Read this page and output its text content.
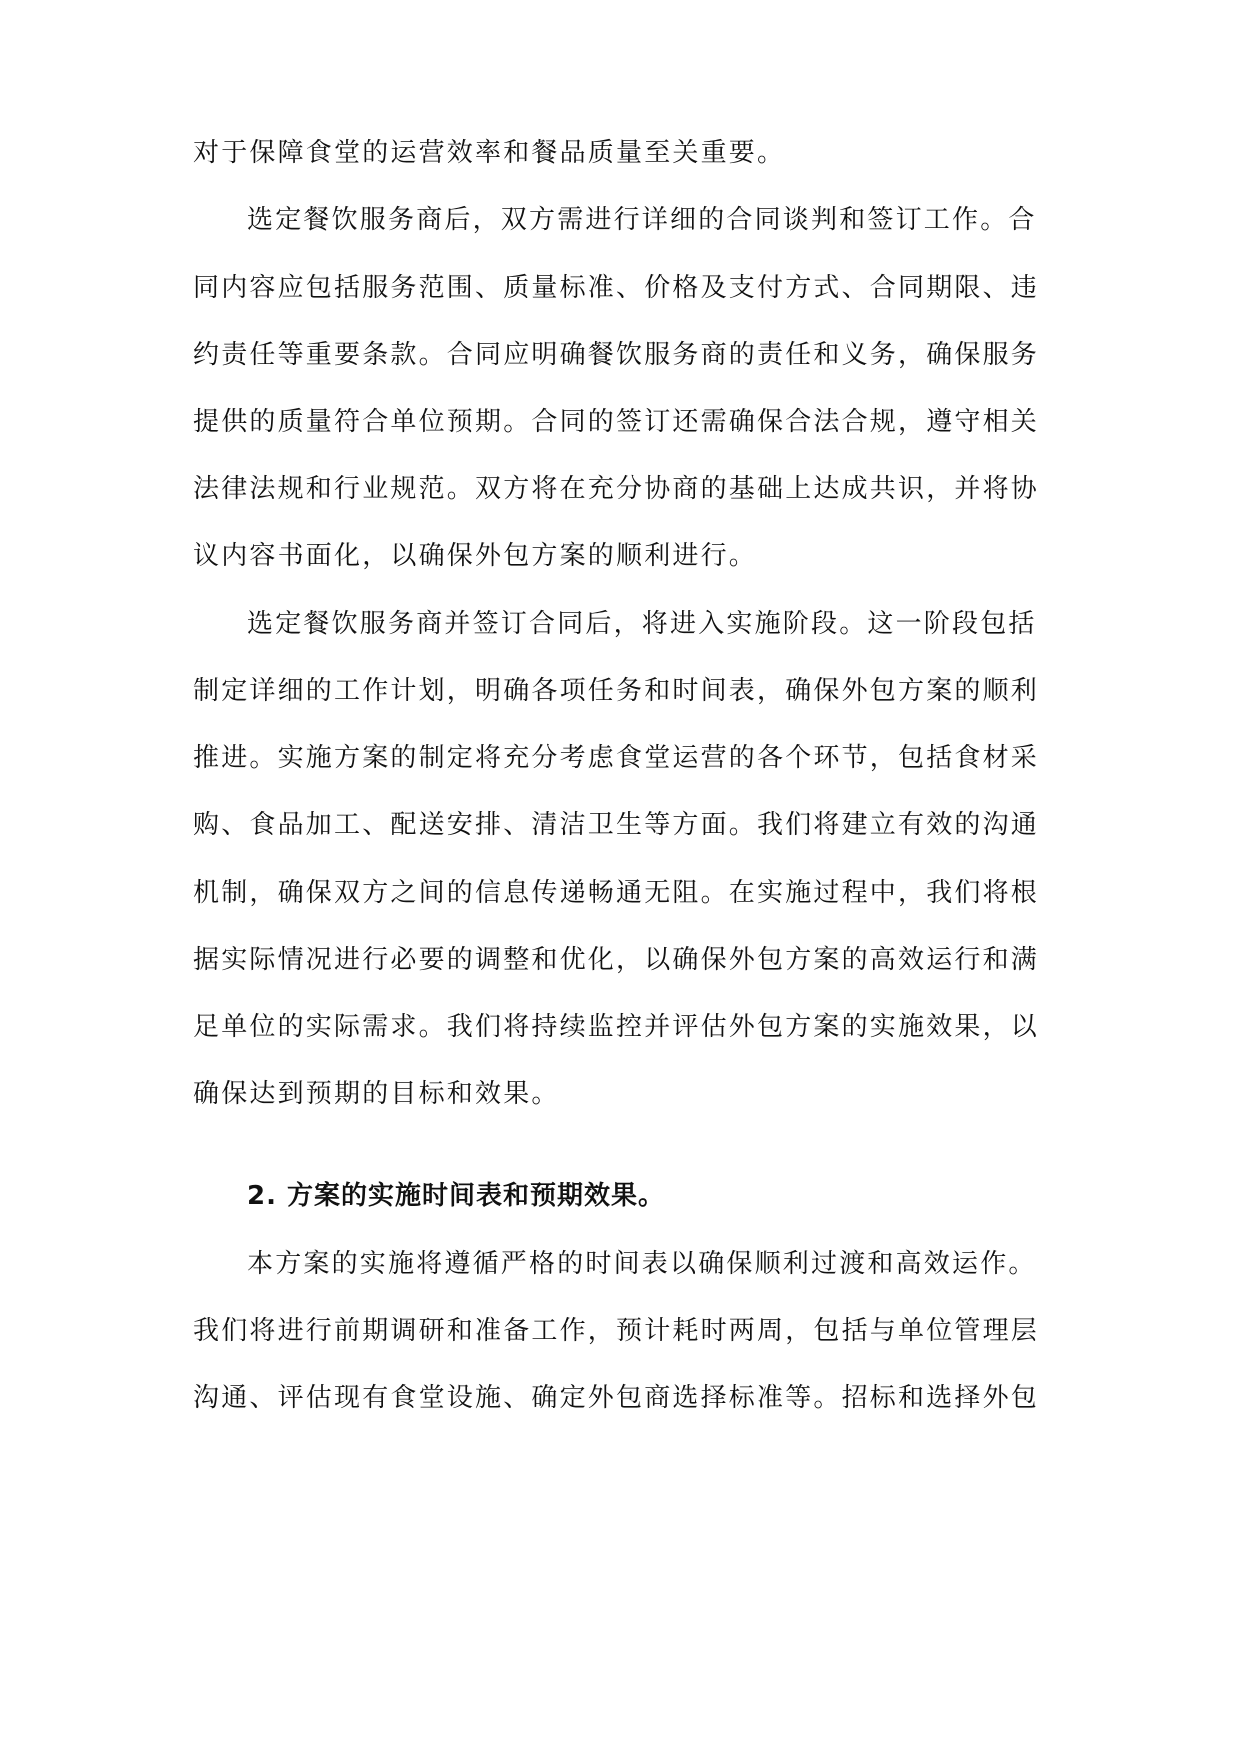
对于保障食堂的运营效率和餐品质量至关重要。
选定餐饮服务商后，双方需进行详细的合同谈判和签订工作。合
同内容应包括服务范围、质量标准、价格及支付方式、合同期限、违
约责任等重要条款。合同应明确餐饮服务商的责任和义务，确保服务
提供的质量符合单位预期。合同的签订还需确保合法合规，遵守相关
法律法规和行业规范。双方将在充分协商的基础上达成共识，并将协
议内容书面化，以确保外包方案的顺利进行。
选定餐饮服务商并签订合同后，将进入实施阶段。这一阶段包括
制定详细的工作计划，明确各项任务和时间表，确保外包方案的顺利
推进。实施方案的制定将充分考虑食堂运营的各个环节，包括食材采
购、食品加工、配送安排、清洁卫生等方面。我们将建立有效的沟通
机制，确保双方之间的信息传递畅通无阻。在实施过程中，我们将根
据实际情况进行必要的调整和优化，以确保外包方案的高效运行和满
足单位的实际需求。我们将持续监控并评估外包方案的实施效果，以
确保达到预期的目标和效果。
2. 方案的实施时间表和预期效果。
本方案的实施将遵循严格的时间表以确保顺利过渡和高效运作。
我们将进行前期调研和准备工作，预计耗时两周，包括与单位管理层
沟通、评估现有食堂设施、确定外包商选择标准等。招标和选择外包
